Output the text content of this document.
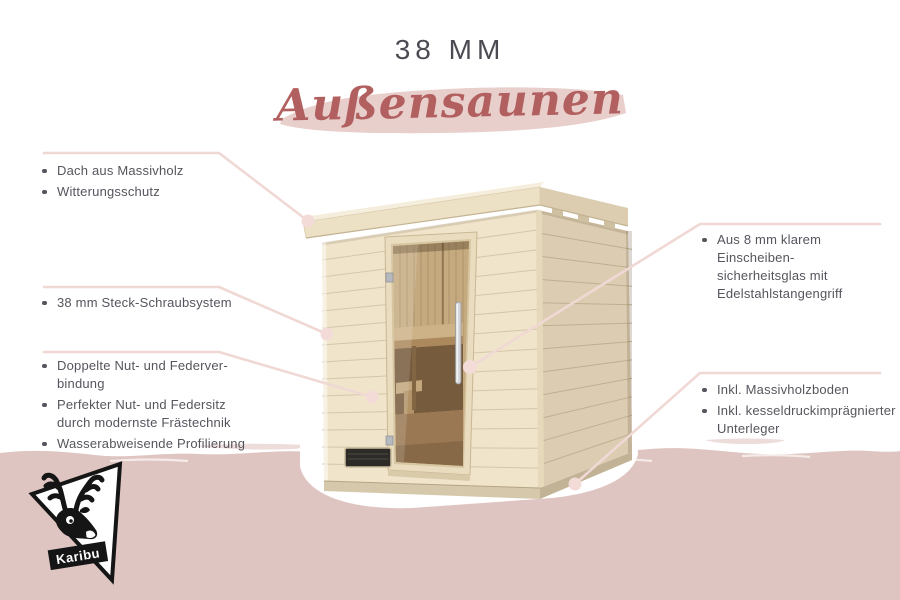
38 MM
Außensaunen
Dach aus Massivholz
Witterungsschutz
38 mm Steck-Schraubsystem
Doppelte Nut- und Federver-
bindung
Perfekter Nut- und Federsitz
durch modernste Frästechnik
Wasserabweisende Profilierung
Aus 8 mm klarem Einscheiben-
sicherheitsglas mit
Edelstahlstangengriff
Inkl. Massivholzboden
Inkl. kesseldruckimprägnierter
Unterleger
Karibu
